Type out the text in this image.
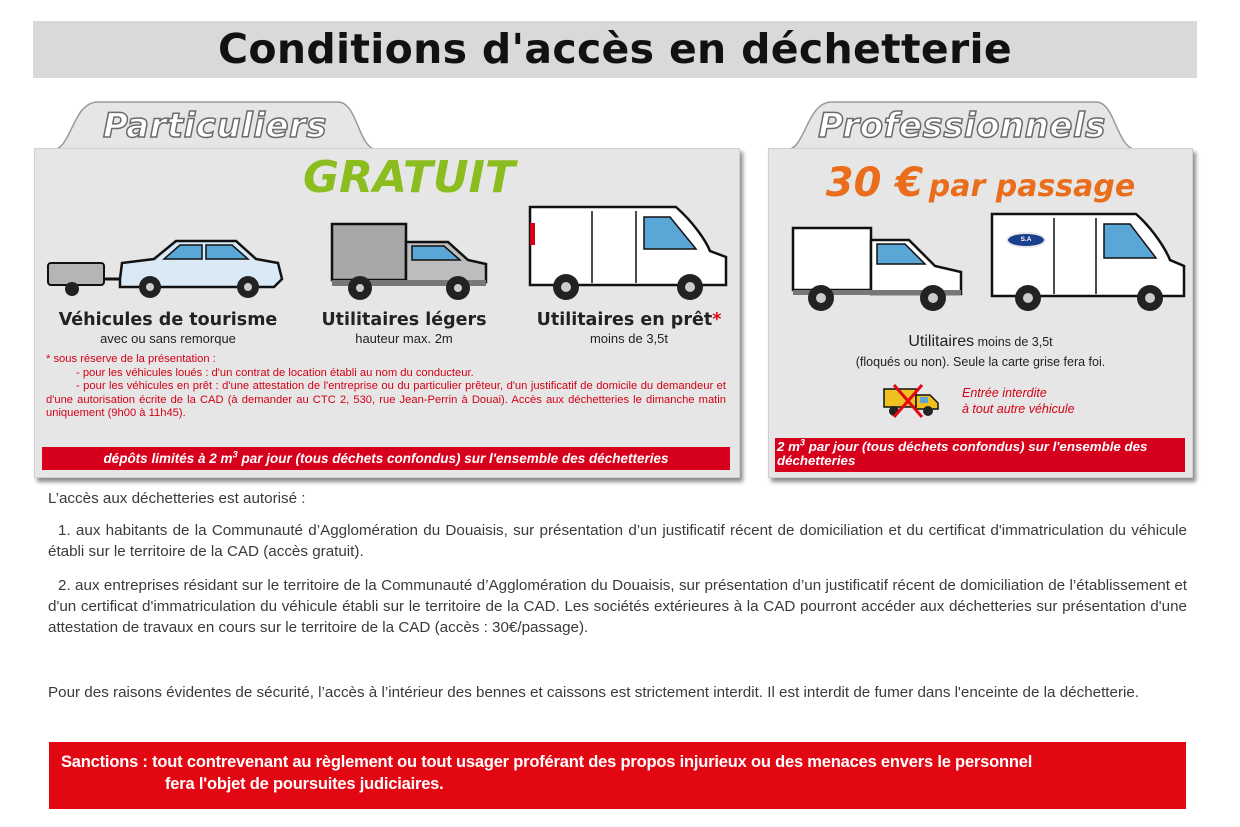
Conditions d'accès en déchetterie
Particuliers	Professionnels
GRATUIT	30 € par passage
Véhicules de tourisme
avec ou sans remorque
Utilitaires légers
hauteur max. 2m
Utilitaires en prêt*
moins de 3,5t

* sous réserve de la présentation :

- pour les véhicules loués : d'un contrat de location établi au nom du conducteur.

- pour les véhicules en prêt : d'une attestation de l'entreprise ou du particulier prêteur, d'un justificatif de domicile du demandeur et d'une autorisation écrite de la CAD (à demander au CTC 2, 530, rue Jean-Perrin à Douai). Accès aux déchetteries le dimanche matin uniquement (9h00 à 11h45).

dépôts limités à 2 $m^3$ par jour (tous déchets confondus) sur l'ensemble des déchetteries
2 $m^3$ par jour (tous déchets confondus) sur l'ensemble des déchetteries
S.A MARTIN
Utilitaires moins de 3,5t
(floqués ou non). Seule la carte grise fera foi.
Entrée interdite
à tout autre véhicule

L’accès aux déchetteries est autorisé :

1. aux habitants de la Communauté d’Agglomération du Douaisis, sur présentation d’un justificatif récent de domiciliation et du certificat d'immatriculation du véhicule établi sur le territoire de la CAD (accès gratuit).

2. aux entreprises résidant sur le territoire de la Communauté d’Agglomération du Douaisis, sur présentation d’un justificatif récent de domiciliation de l’établissement et d'un certificat d'immatriculation du véhicule établi sur le territoire de la CAD. Les sociétés extérieures à la CAD pourront accéder aux déchetteries sur présentation d'une attestation de travaux en cours sur le territoire de la CAD (accès : 30€/passage).

Pour des raisons évidentes de sécurité, l’accès à l’intérieur des bennes et caissons est strictement interdit. Il est interdit de fumer dans l'enceinte de la déchetterie.

Sanctions : tout contrevenant au règlement ou tout usager proférant des propos injurieux ou des menaces envers le personnel
fera l'objet de poursuites judiciaires.
